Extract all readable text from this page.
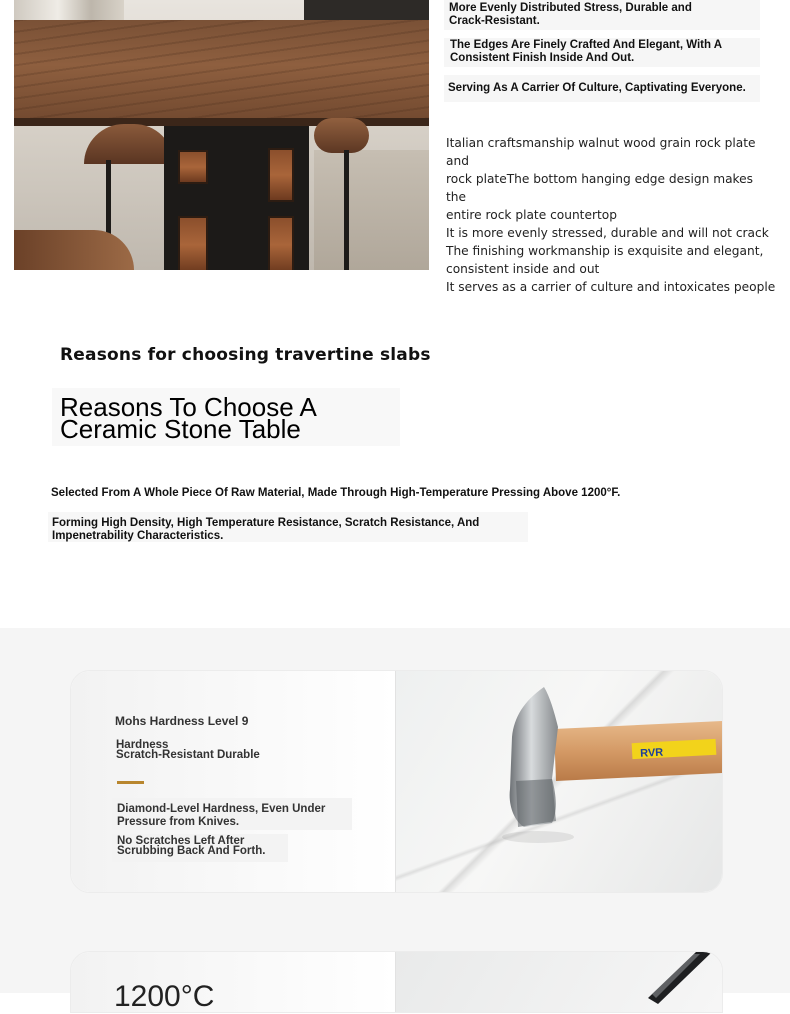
More Evenly Distributed Stress, Durable and
Crack-Resistant.
The Edges Are Finely Crafted And Elegant, With A
Consistent Finish Inside And Out.
Serving As A Carrier Of Culture, Captivating Everyone.
Italian craftsmanship walnut wood grain rock plate and
rock plateThe bottom hanging edge design makes the
entire rock plate countertop
It is more evenly stressed, durable and will not crack
The finishing workmanship is exquisite and elegant,
consistent inside and out
It serves as a carrier of culture and intoxicates people
Reasons for choosing travertine slabs
Reasons To Choose A
Ceramic Stone Table
Selected From A Whole Piece Of Raw Material, Made Through High-Temperature Pressing Above 1200°F.
Forming High Density, High Temperature Resistance, Scratch Resistance, And
Impenetrability Characteristics.
RVR
Mohs Hardness Level 9
Hardness
Scratch-Resistant Durable
Diamond-Level Hardness, Even Under
Pressure from Knives.
No Scratches Left After
Scrubbing Back And Forth.
1200°C
